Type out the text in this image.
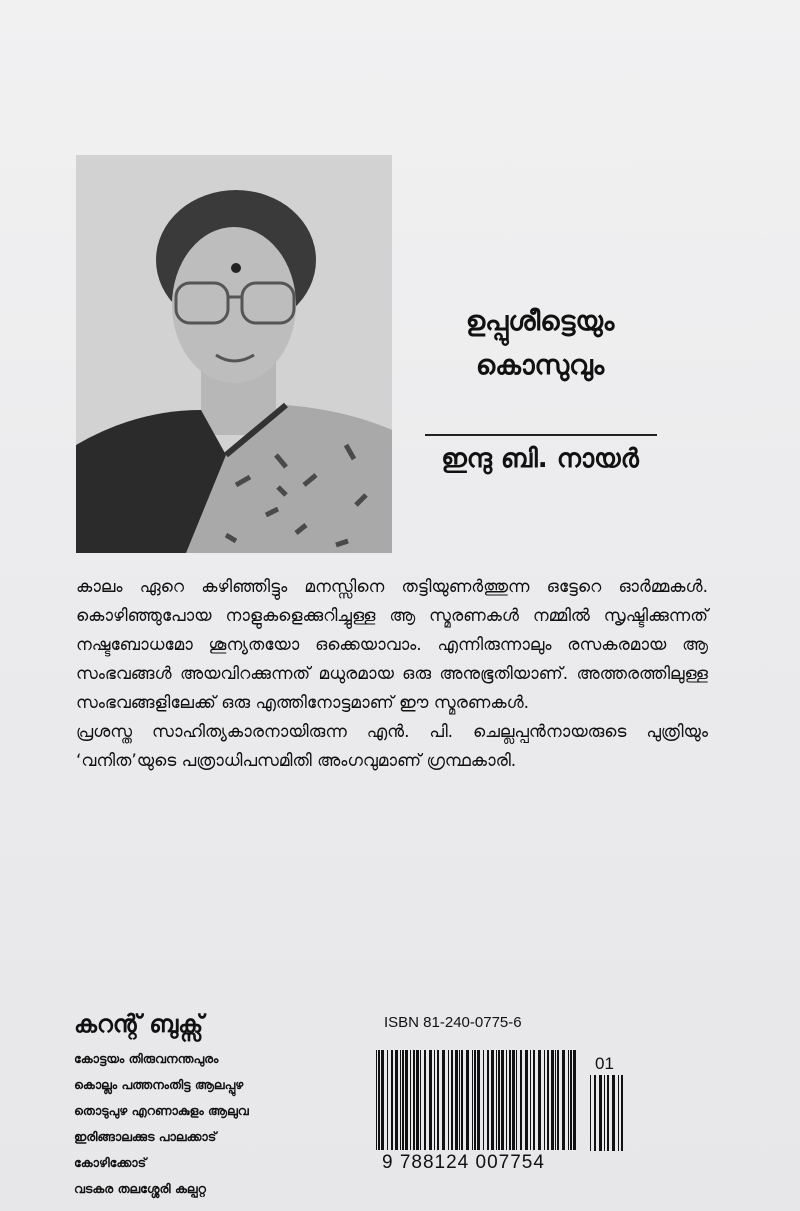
ഉപ്പുശീട്ടെയും
കൊസുവും
ഇന്ദു ബി. നായർ

കാലം ഏറെ കഴിഞ്ഞിട്ടും മനസ്സിനെ തട്ടിയുണർത്തുന്ന ഒട്ടേറെ ഓർമ്മകൾ. കൊഴിഞ്ഞുപോയ നാളുകളെക്കുറിച്ചുള്ള ആ സ്മരണകൾ നമ്മിൽ സൃഷ്ടിക്കുന്നത് നഷ്ടബോധമോ ശൂന്യതയോ ഒക്കെയാവാം. എന്നിരുന്നാലും രസകരമായ ആ സംഭവങ്ങൾ അയവിറക്കുന്നത് മധുരമായ ഒരു അനുഭൂതിയാണ്. അത്തരത്തിലുള്ള സംഭവങ്ങളിലേക്ക് ഒരു എത്തിനോട്ടമാണ് ഈ സ്മരണകൾ.

പ്രശസ്ത സാഹിത്യകാരനായിരുന്ന എൻ. പി. ചെല്ലപ്പൻനായരുടെ പുത്രിയും ‘വനിത’യുടെ പത്രാധിപസമിതി അംഗവുമാണ് ഗ്രന്ഥകാരി.

കറന്റ് ബുക്സ്
കോട്ടയം തിരുവനന്തപുരം
കൊല്ലം പത്തനംതിട്ട ആലപ്പുഴ
തൊടുപുഴ എറണാകുളം ആലുവ
ഇരിങ്ങാലക്കുട പാലക്കാട്
കോഴിക്കോട്
വടകര തലശ്ശേരി കല്പറ്റ
ISBN 81-240-0775-6
9 788124 007754
01
